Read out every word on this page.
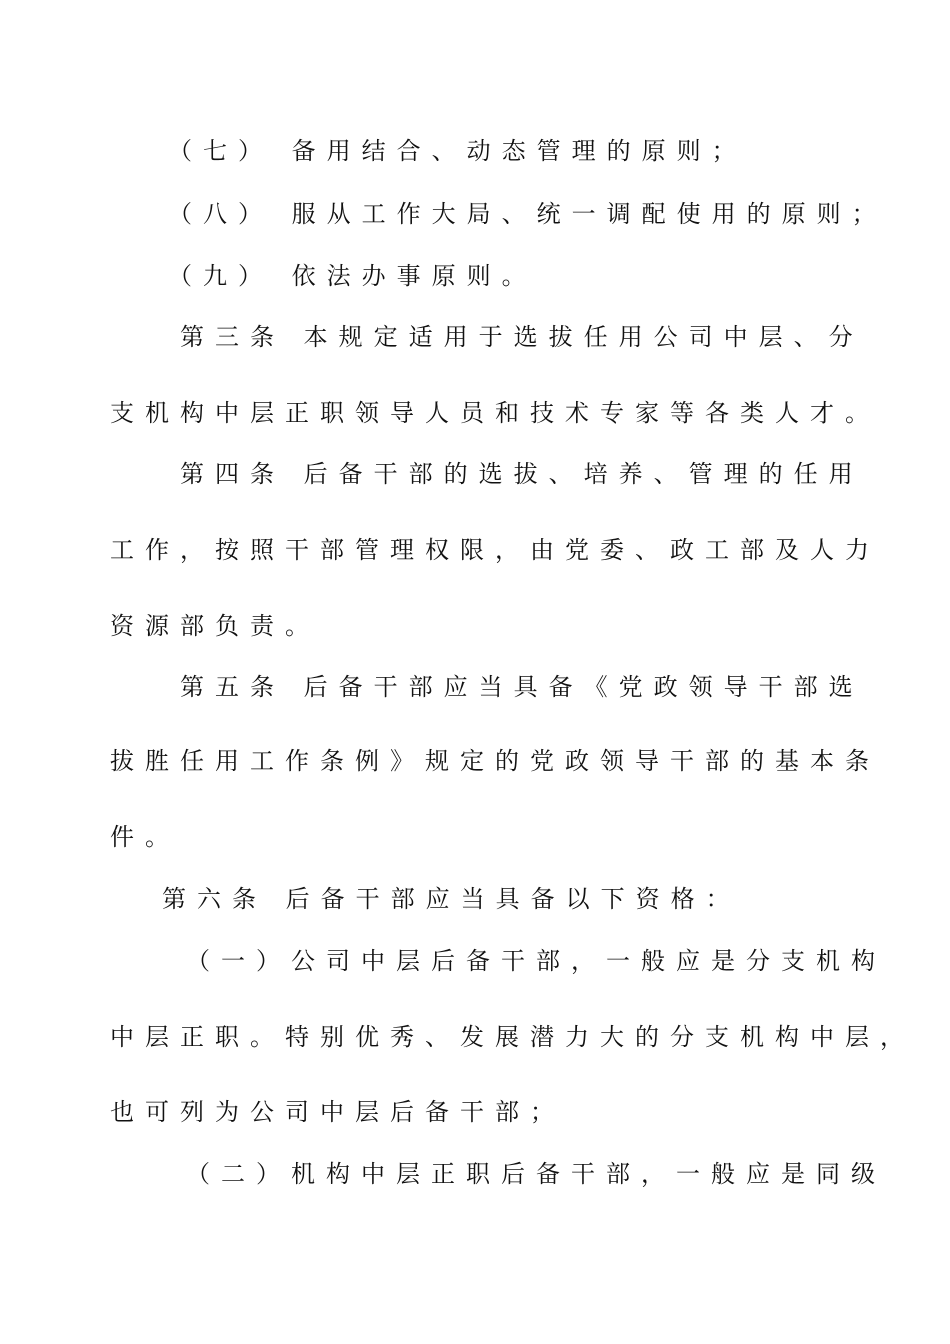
（七） 备用结合、动态管理的原则；
（八） 服从工作大局、统一调配使用的原则；
（九） 依法办事原则。
第三条 本规定适用于选拔任用公司中层、分
支机构中层正职领导人员和技术专家等各类人才。
第四条 后备干部的选拔、培养、管理的任用
工作，按照干部管理权限，由党委、政工部及人力
资源部负责。
第五条 后备干部应当具备《党政领导干部选
拔胜任用工作条例》规定的党政领导干部的基本条
件。
第六条 后备干部应当具备以下资格：
（一）公司中层后备干部，一般应是分支机构
中层正职。特别优秀、发展潜力大的分支机构中层，
也可列为公司中层后备干部；
（二）机构中层正职后备干部，一般应是同级
